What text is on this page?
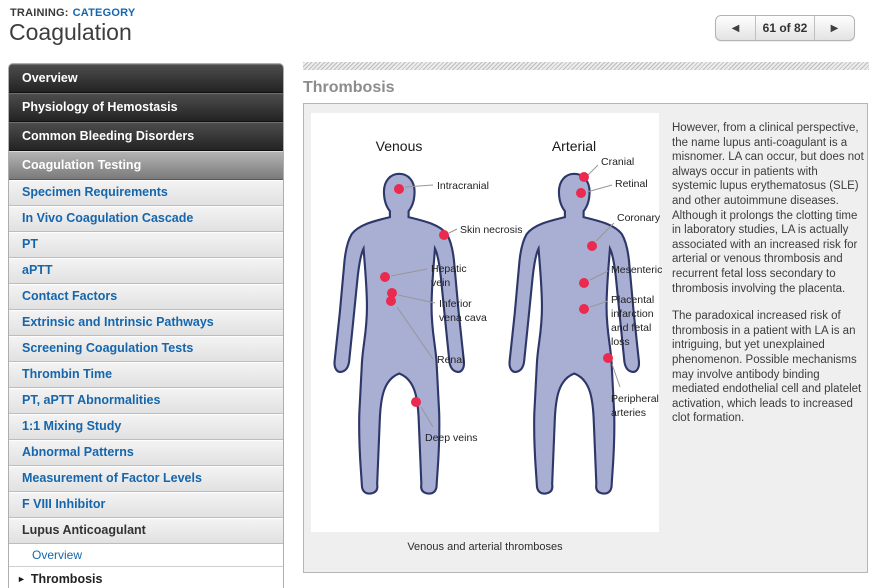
TRAINING: CATEGORY
Coagulation	◀	61 of 82	▶
Overview
Physiology of Hemostasis
Common Bleeding Disorders
Coagulation Testing
Specimen Requirements
In Vivo Coagulation Cascade
PT
aPTT
Contact Factors
Extrinsic and Intrinsic Pathways
Screening Coagulation Tests
Thrombin Time
PT, aPTT Abnormalities
1:1 Mixing Study
Abnormal Patterns
Measurement of Factor Levels
F VIII Inhibitor
Lupus Anticoagulant
Overview
► Thrombosis
Thrombosis
Venous
Intracranial
Skin necrosis
Hepatic
vein
Inferior
vena cava
Renal
Deep veins
Arterial
Cranial
Retinal
Coronary
Mesenteric
Placental
infarction
and fetal
loss
Peripheral
arteries
Venous and arterial thromboses

However, from a clinical perspective, the name lupus anti-coagulant is a misnomer. LA can occur, but does not always occur in patients with systemic lupus erythematosus (SLE) and other autoimmune diseases. Although it prolongs the clotting time in laboratory studies, LA is actually associated with an increased risk for arterial or venous thrombosis and recurrent fetal loss secondary to thrombosis involving the placenta.

The paradoxical increased risk of thrombosis in a patient with LA is an intriguing, but yet unexplained phenomenon. Possible mechanisms may involve antibody binding mediated endothelial cell and platelet activation, which leads to increased clot formation.
